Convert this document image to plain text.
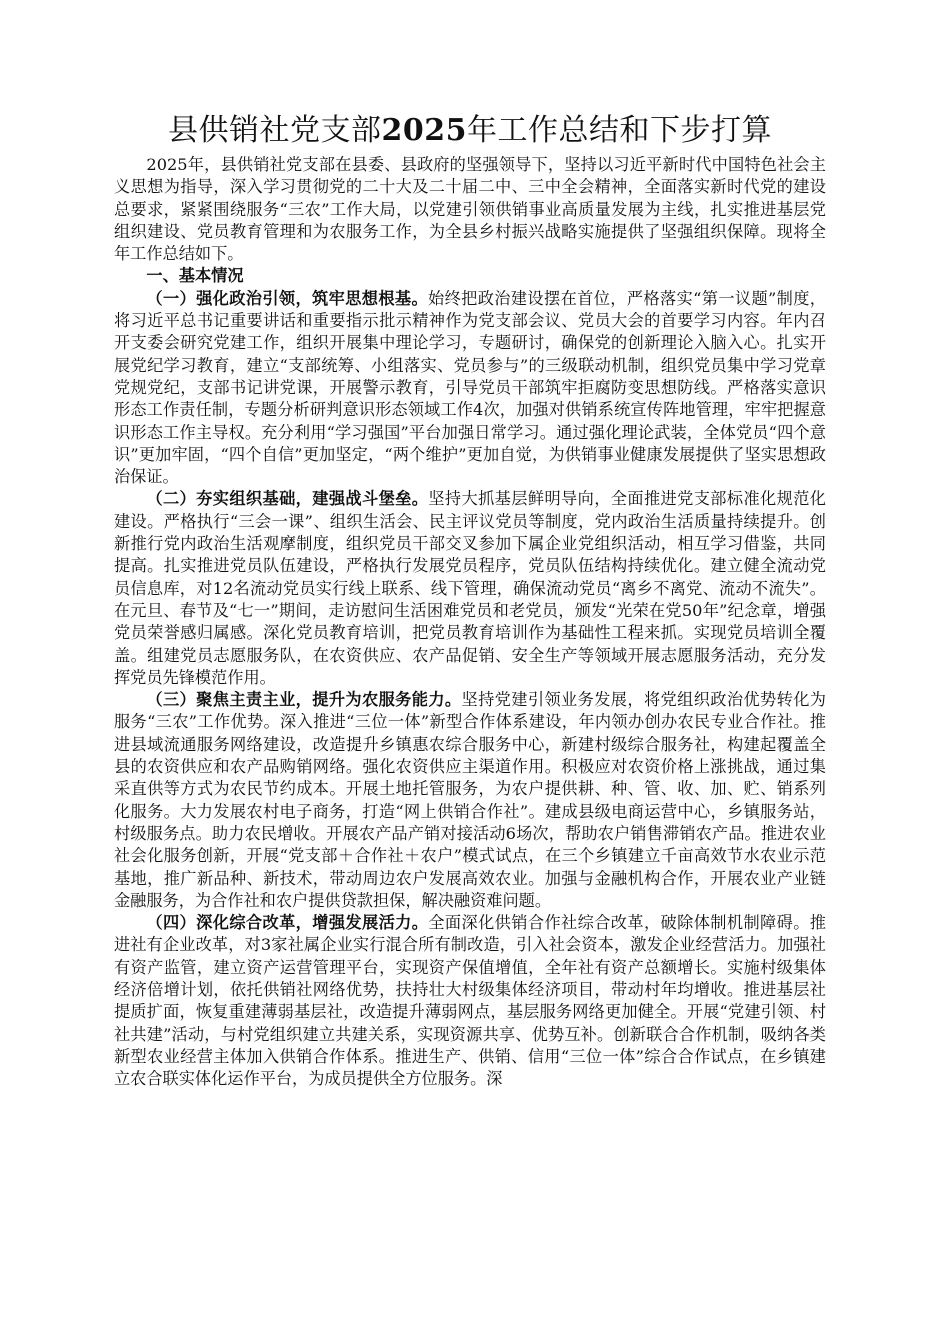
县供销社党支部2025年工作总结和下步打算

2025年，县供销社党支部在县委、县政府的坚强领导下，坚持以习近平新时代中国特色社会主义思想为指导，深入学习贯彻党的二十大及二十届二中、三中全会精神，全面落实新时代党的建设总要求，紧紧围绕服务“三农”工作大局，以党建引领供销事业高质量发展为主线，扎实推进基层党组织建设、党员教育管理和为农服务工作，为全县乡村振兴战略实施提供了坚强组织保障。现将全年工作总结如下。

一、基本情况

（一）强化政治引领，筑牢思想根基。始终把政治建设摆在首位，严格落实“第一议题”制度，将习近平总书记重要讲话和重要指示批示精神作为党支部会议、党员大会的首要学习内容。年内召开支委会研究党建工作，组织开展集中理论学习，专题研讨，确保党的创新理论入脑入心。扎实开展党纪学习教育，建立“支部统筹、小组落实、党员参与”的三级联动机制，组织党员集中学习党章党规党纪，支部书记讲党课，开展警示教育，引导党员干部筑牢拒腐防变思想防线。严格落实意识形态工作责任制，专题分析研判意识形态领域工作4次，加强对供销系统宣传阵地管理，牢牢把握意识形态工作主导权。充分利用“学习强国”平台加强日常学习。通过强化理论武装，全体党员“四个意识”更加牢固，“四个自信”更加坚定，“两个维护”更加自觉，为供销事业健康发展提供了坚实思想政治保证。

（二）夯实组织基础，建强战斗堡垒。坚持大抓基层鲜明导向，全面推进党支部标准化规范化建设。严格执行“三会一课”、组织生活会、民主评议党员等制度，党内政治生活质量持续提升。创新推行党内政治生活观摩制度，组织党员干部交叉参加下属企业党组织活动，相互学习借鉴，共同提高。扎实推进党员队伍建设，严格执行发展党员程序，党员队伍结构持续优化。建立健全流动党员信息库，对12名流动党员实行线上联系、线下管理，确保流动党员“离乡不离党、流动不流失”。在元旦、春节及“七一”期间，走访慰问生活困难党员和老党员，颁发“光荣在党50年”纪念章，增强党员荣誉感归属感。深化党员教育培训，把党员教育培训作为基础性工程来抓。实现党员培训全覆盖。组建党员志愿服务队，在农资供应、农产品促销、安全生产等领域开展志愿服务活动，充分发挥党员先锋模范作用。

（三）聚焦主责主业，提升为农服务能力。坚持党建引领业务发展，将党组织政治优势转化为服务“三农”工作优势。深入推进“三位一体”新型合作体系建设，年内领办创办农民专业合作社。推进县域流通服务网络建设，改造提升乡镇惠农综合服务中心，新建村级综合服务社，构建起覆盖全县的农资供应和农产品购销网络。强化农资供应主渠道作用。积极应对农资价格上涨挑战，通过集采直供等方式为农民节约成本。开展土地托管服务，为农户提供耕、种、管、收、加、贮、销系列化服务。大力发展农村电子商务，打造“网上供销合作社”。建成县级电商运营中心，乡镇服务站，村级服务点。助力农民增收。开展农产品产销对接活动6场次，帮助农户销售滞销农产品。推进农业社会化服务创新，开展“党支部＋合作社＋农户”模式试点，在三个乡镇建立千亩高效节水农业示范基地，推广新品种、新技术，带动周边农户发展高效农业。加强与金融机构合作，开展农业产业链金融服务，为合作社和农户提供贷款担保，解决融资难问题。

（四）深化综合改革，增强发展活力。全面深化供销合作社综合改革，破除体制机制障碍。推进社有企业改革，对3家社属企业实行混合所有制改造，引入社会资本，激发企业经营活力。加强社有资产监管，建立资产运营管理平台，实现资产保值增值，全年社有资产总额增长。实施村级集体经济倍增计划，依托供销社网络优势，扶持壮大村级集体经济项目，带动村年均增收。推进基层社提质扩面，恢复重建薄弱基层社，改造提升薄弱网点，基层服务网络更加健全。开展“党建引领、村社共建”活动，与村党组织建立共建关系，实现资源共享、优势互补。创新联合合作机制，吸纳各类新型农业经营主体加入供销合作体系。推进生产、供销、信用“三位一体”综合合作试点，在乡镇建立农合联实体化运作平台，为成员提供全方位服务。深
